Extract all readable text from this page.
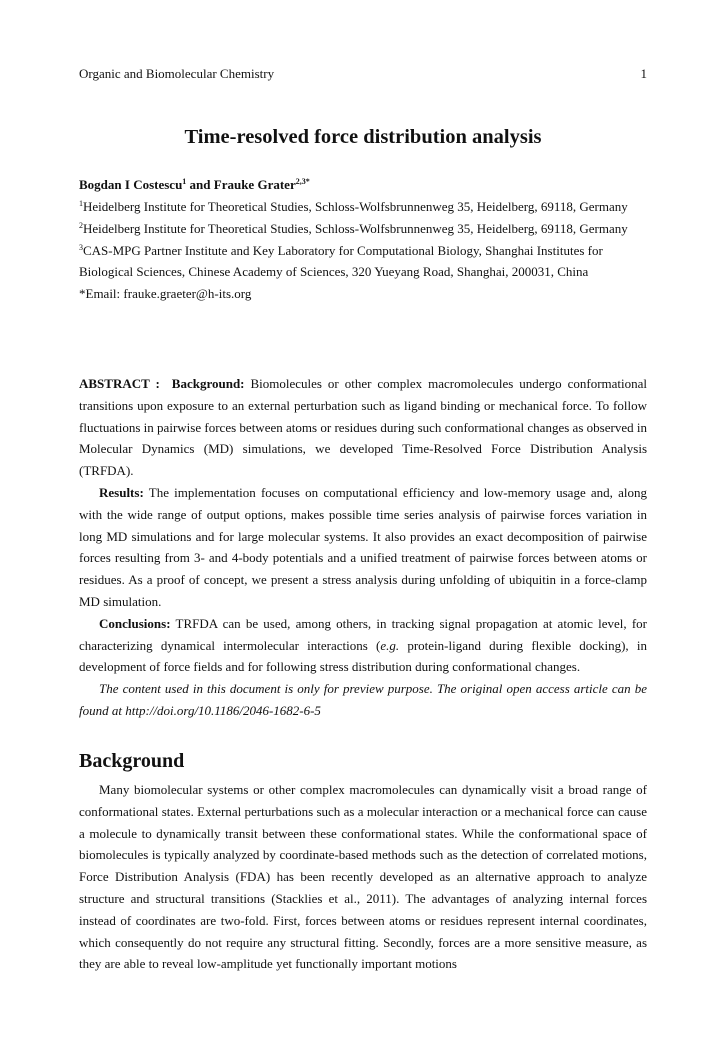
Organic and Biomolecular Chemistry	1
Time-resolved force distribution analysis
Bogdan I Costescu$^1$ and Frauke Grater$^{2,3*}$

$^1$Heidelberg Institute for Theoretical Studies, Schloss-Wolfsbrunnenweg 35, Heidelberg, 69118, Germany

$^2$Heidelberg Institute for Theoretical Studies, Schloss-Wolfsbrunnenweg 35, Heidelberg, 69118, Germany

$^3$CAS-MPG Partner Institute and Key Laboratory for Computational Biology, Shanghai Institutes for Biological Sciences, Chinese Academy of Sciences, 320 Yueyang Road, Shanghai, 200031, China

*Email: frauke.graeter@h-its.org

ABSTRACT : Background: Biomolecules or other complex macromolecules undergo conformational transitions upon exposure to an external perturbation such as ligand binding or mechanical force. To follow fluctuations in pairwise forces between atoms or residues during such conformational changes as observed in Molecular Dynamics (MD) simulations, we developed Time-Resolved Force Distribution Analysis (TRFDA).

Results: The implementation focuses on computational efficiency and low-memory usage and, along with the wide range of output options, makes possible time series analysis of pairwise forces variation in long MD simulations and for large molecular systems. It also provides an exact decomposition of pairwise forces resulting from 3- and 4-body potentials and a unified treatment of pairwise forces between atoms or residues. As a proof of concept, we present a stress analysis during unfolding of ubiquitin in a force-clamp MD simulation.

Conclusions: TRFDA can be used, among others, in tracking signal propagation at atomic level, for characterizing dynamical intermolecular interactions (e.g. protein-ligand during flexible docking), in development of force fields and for following stress distribution during conformational changes.

The content used in this document is only for preview purpose. The original open access article can be found at http://doi.org/10.1186/2046-1682-6-5

Background

Many biomolecular systems or other complex macromolecules can dynamically visit a broad range of conformational states. External perturbations such as a molecular interaction or a mechanical force can cause a molecule to dynamically transit between these conformational states. While the conformational space of biomolecules is typically analyzed by coordinate-based methods such as the detection of correlated motions, Force Distribution Analysis (FDA) has been recently developed as an alternative approach to analyze structure and structural transitions (Stacklies et al., 2011). The advantages of analyzing internal forces instead of coordinates are two-fold. First, forces between atoms or residues represent internal coordinates, which consequently do not require any structural fitting. Secondly, forces are a more sensitive measure, as they are able to reveal low-amplitude yet functionally important motions
